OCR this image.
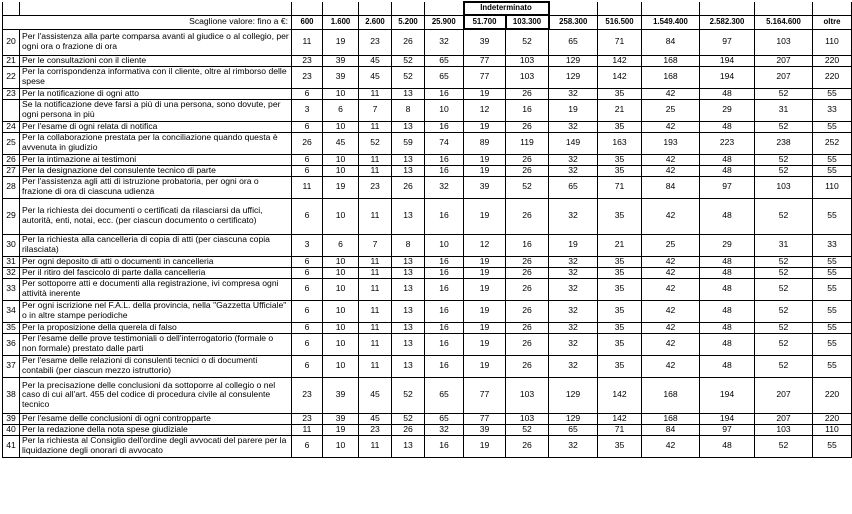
							Indeterminato							
Scaglione valore: fino a €:		600	1.600	2.600	5.200	25.900	51.700	103.300	258.300	516.500	1.549.400	2.582.300	5.164.600	oltre
20	Per l'assistenza alla parte comparsa avanti al giudice o al collegio, per ogni ora o frazione di ora	11	19	23	26	32	39	52	65	71	84	97	103	110
21	Per le consultazioni con il cliente	23	39	45	52	65	77	103	129	142	168	194	207	220
22	Per la corrispondenza informativa con il cliente, oltre al rimborso delle spese	23	39	45	52	65	77	103	129	142	168	194	207	220
23	Per la notificazione di ogni atto	6	10	11	13	16	19	26	32	35	42	48	52	55
	Se la notificazione deve farsi a più di una persona, sono dovute, per ogni persona in più	3	6	7	8	10	12	16	19	21	25	29	31	33
24	Per l'esame di ogni relata di notifica	6	10	11	13	16	19	26	32	35	42	48	52	55
25	Per la collaborazione prestata per la conciliazione quando questa è avvenuta in giudizio	26	45	52	59	74	89	119	149	163	193	223	238	252
26	Per la intimazione ai testimoni	6	10	11	13	16	19	26	32	35	42	48	52	55
27	Per la designazione del consulente tecnico di parte	6	10	11	13	16	19	26	32	35	42	48	52	55
28	Per l'assistenza agli atti di istruzione probatoria, per ogni ora o frazione di ora di ciascuna udienza	11	19	23	26	32	39	52	65	71	84	97	103	110
29	Per la richiesta dei documenti o certificati da rilasciarsi da uffici, autorità, enti, notai, ecc. (per ciascun documento o certificato)	6	10	11	13	16	19	26	32	35	42	48	52	55
30	Per la richiesta alla cancelleria di copia di atti (per ciascuna copia rilasciata)	3	6	7	8	10	12	16	19	21	25	29	31	33
31	Per ogni deposito di atti o documenti in cancelleria	6	10	11	13	16	19	26	32	35	42	48	52	55
32	Per il ritiro del fascicolo di parte dalla cancelleria	6	10	11	13	16	19	26	32	35	42	48	52	55
33	Per sottoporre atti e documenti alla registrazione, ivi compresa ogni attività inerente	6	10	11	13	16	19	26	32	35	42	48	52	55
34	Per ogni iscrizione nel F.A.L. della provincia, nella "Gazzetta Ufficiale" o in altre stampe periodiche	6	10	11	13	16	19	26	32	35	42	48	52	55
35	Per la proposizione della querela di falso	6	10	11	13	16	19	26	32	35	42	48	52	55
36	Per l'esame delle prove testimoniali o dell'interrogatorio (formale o non formale) prestato dalle parti	6	10	11	13	16	19	26	32	35	42	48	52	55
37	Per l'esame delle relazioni di consulenti tecnici o di documenti contabili (per ciascun mezzo istruttorio)	6	10	11	13	16	19	26	32	35	42	48	52	55
38	Per la precisazione delle conclusioni da sottoporre al collegio o nel caso di cui all'art. 455 del codice di procedura civile al consulente tecnico	23	39	45	52	65	77	103	129	142	168	194	207	220
39	Per l'esame delle conclusioni di ogni contropparte	23	39	45	52	65	77	103	129	142	168	194	207	220
40	Per la redazione della nota spese giudiziale	11	19	23	26	32	39	52	65	71	84	97	103	110
41	Per la richiesta al Consiglio dell'ordine degli avvocati del parere per la liquidazione degli onorari di avvocato	6	10	11	13	16	19	26	32	35	42	48	52	55
